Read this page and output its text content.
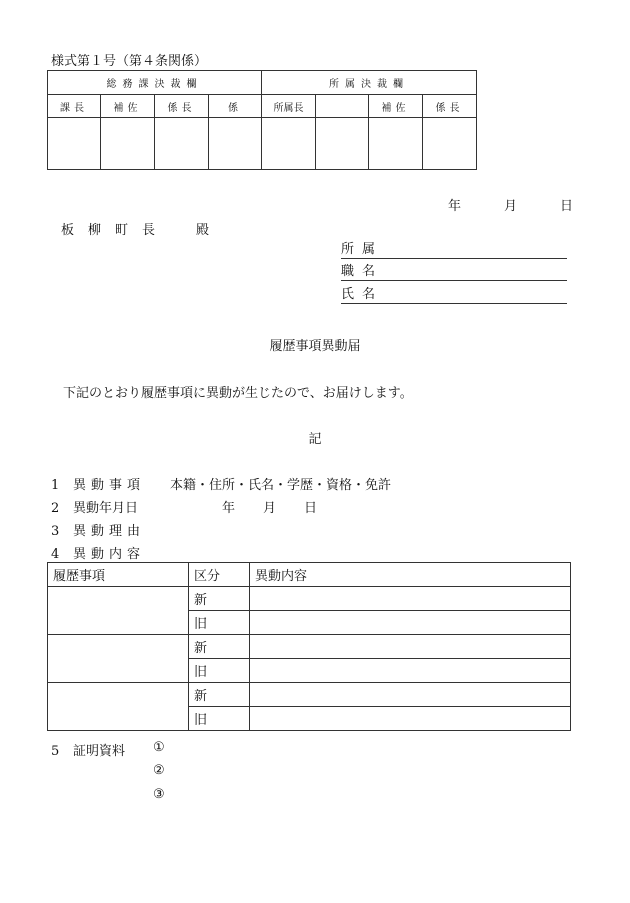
様式第１号（第４条関係）
総務課決裁欄				所属決裁欄			
課長	補佐	係長	係	所属長		補佐	係長

年	月	日
板柳町長　殿
所属
職名
氏名
履歴事項異動届
下記のとおり履歴事項に異動が生じたので、お届けします。
記
1 異動事項 本籍・住所・氏名・学歴・資格・免許
2 異動年月日	年 月 日
3 異動理由
4 異動内容
履歴事項	区分	異動内容
	新	
	旧	
	新	
	旧	
	新	
	旧	
5 証明資料 ①
②
③
